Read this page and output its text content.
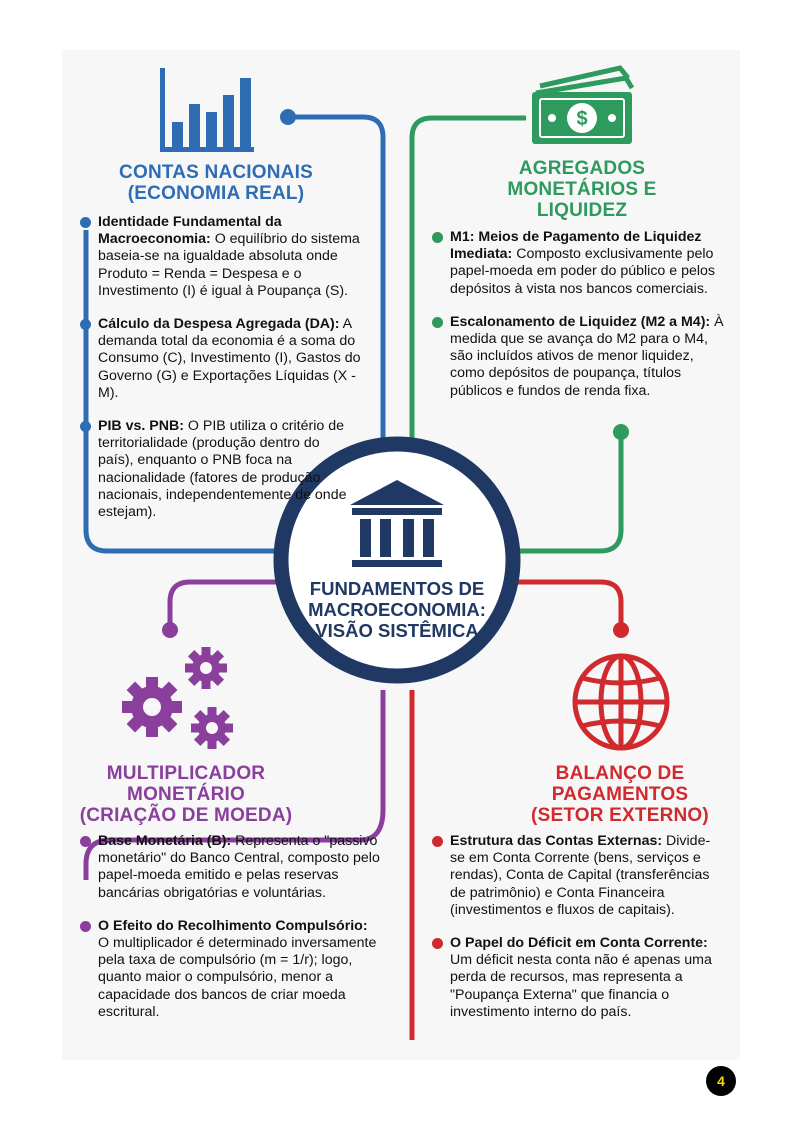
$
CONTAS NACIONAIS
(ECONOMIA REAL)
AGREGADOS
MONETÁRIOS E
LIQUIDEZ
MULTIPLICADOR
MONETÁRIO
(CRIAÇÃO DE MOEDA)
BALANÇO DE
PAGAMENTOS
(SETOR EXTERNO)
Identidade Fundamental da Macroeconomia: O equilíbrio do sistema baseia-se na igualdade absoluta onde Produto = Renda = Despesa e o Investimento (I) é igual à Poupança (S).
Cálculo da Despesa Agregada (DA): A demanda total da economia é a soma do Consumo (C), Investimento (I), Gastos do Governo (G) e Exportações Líquidas (X - M).
PIB vs. PNB: O PIB utiliza o critério de territorialidade (produção dentro do país), enquanto o PNB foca na nacionalidade (fatores de produção nacionais, independentemente de onde estejam).
M1: Meios de Pagamento de Liquidez Imediata: Composto exclusivamente pelo papel-moeda em poder do público e pelos depósitos à vista nos bancos comerciais.
Escalonamento de Liquidez (M2 a M4): À medida que se avança do M2 para o M4, são incluídos ativos de menor liquidez, como depósitos de poupança, títulos públicos e fundos de renda fixa.
Base Monetária (B): Representa o "passivo monetário" do Banco Central, composto pelo papel-moeda emitido e pelas reservas bancárias obrigatórias e voluntárias.
O Efeito do Recolhimento Compulsório: O multiplicador é determinado inversamente pela taxa de compulsório (m = 1/r); logo, quanto maior o compulsório, menor a capacidade dos bancos de criar moeda escritural.
Estrutura das Contas Externas: Divide-se em Conta Corrente (bens, serviços e rendas), Conta de Capital (transferências de patrimônio) e Conta Financeira (investimentos e fluxos de capitais).
O Papel do Déficit em Conta Corrente: Um déficit nesta conta não é apenas uma perda de recursos, mas representa a "Poupança Externa" que financia o investimento interno do país.
FUNDAMENTOS DE
MACROECONOMIA:
VISÃO SISTÊMICA
4
